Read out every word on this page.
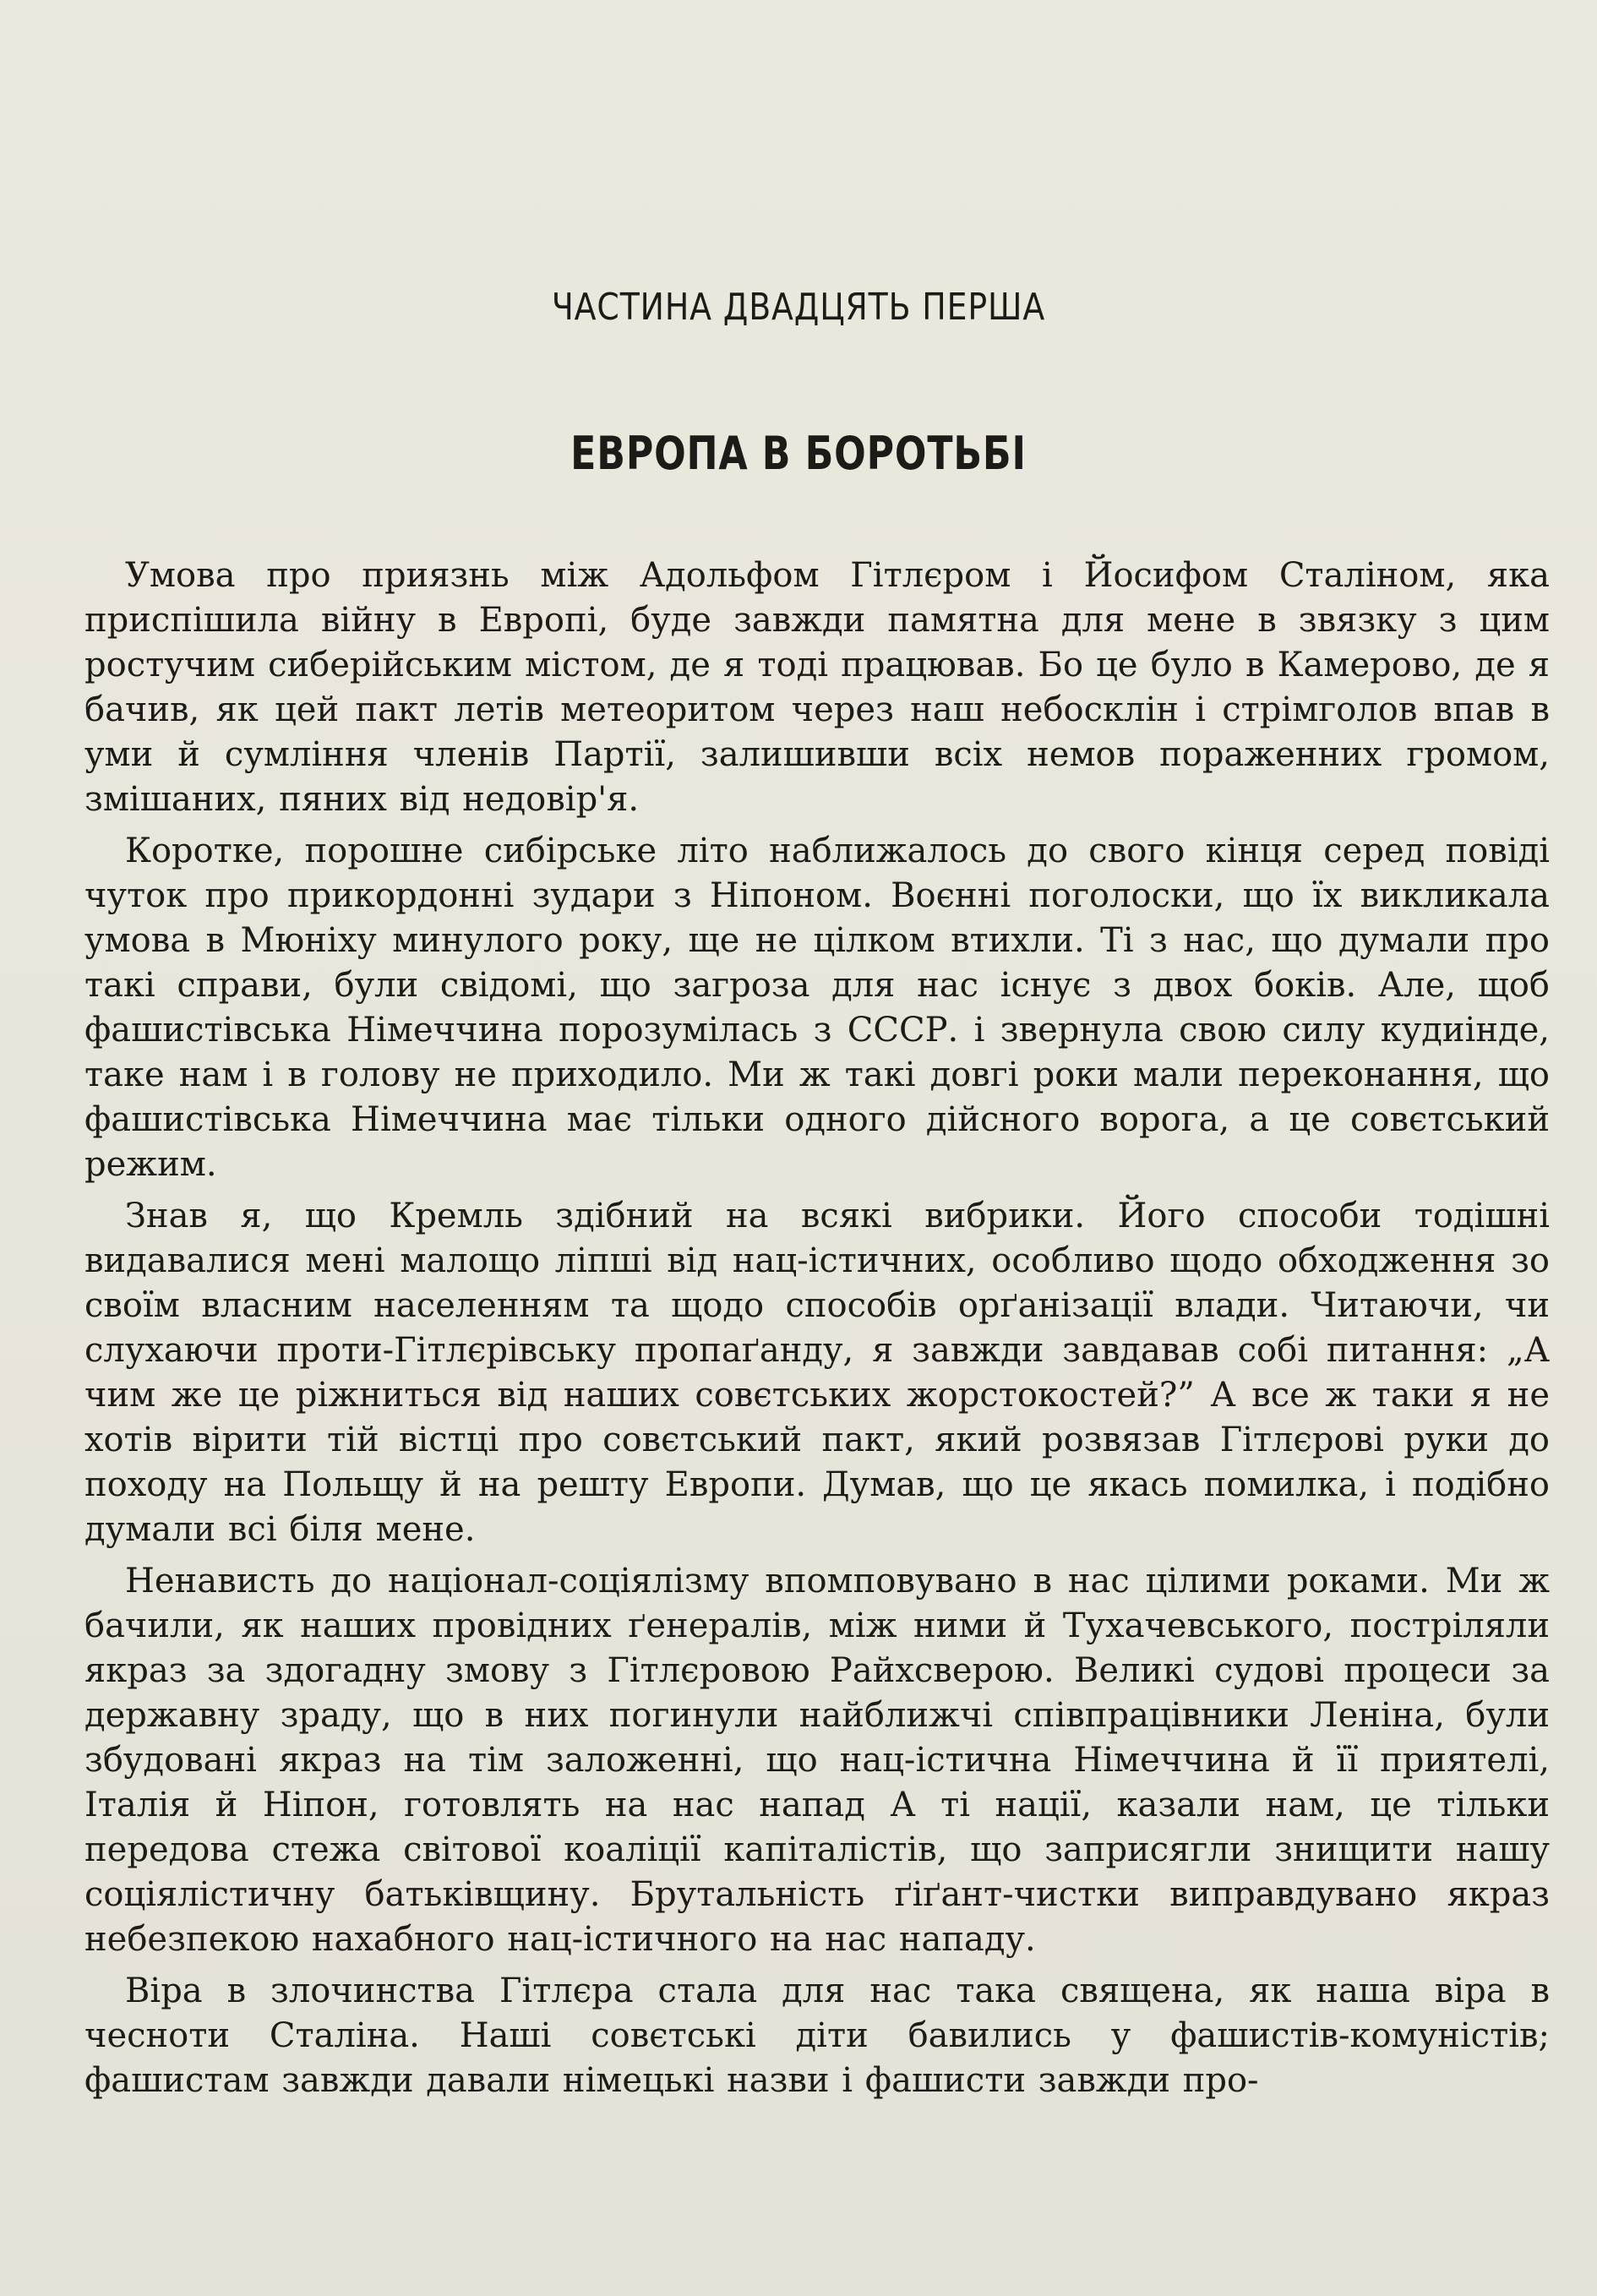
ЧАСТИНА ДВАДЦЯТЬ ПЕРША
ЕВРОПА В БОРОТЬБІ

Умова про приязнь між Адольфом Гітлєром і Йосифом Сталіном, яка приспішила війну в Европі, буде завжди памятна для мене в звязку з цим ростучим сиберійським містом, де я тоді працював. Бо це було в Камерово, де я бачив, як цей пакт летів метеоритом через наш небосклін і стрімголов впав в уми й сумління членів Партії, залишивши всіх немов пораженних громом, змішаних, пяних від недовір'я.

Коротке, порошне сибірське літо наближалось до свого кінця серед повіді чуток про прикордонні зудари з Ніпоном. Воєнні поголоски, що їх викликала умова в Мюніху минулого року, ще не цілком втихли. Ті з нас, що думали про такі справи, були свідомі, що загроза для нас існує з двох боків. Але, щоб фашистівська Німеччина порозумілась з СССР. і звернула свою силу кудиінде, таке нам і в голову не приходило. Ми ж такі довгі роки мали переконання, що фашистівська Німеччина має тільки одного дійсного ворога, а це совєтський режим.

Знав я, що Кремль здібний на всякі вибрики. Його способи тодішні видавалися мені малощо ліпші від нац-істичних, особливо щодо обходження зо своїм власним населенням та щодо способів орґанізації влади. Читаючи, чи слухаючи проти-Гітлєрівську пропаґанду, я завжди завдавав собі питання: „А чим же це ріжниться від наших совєтських жорстокостей?” А все ж таки я не хотів вірити тій вістці про совєтський пакт, який розвязав Гітлєрові руки до походу на Польщу й на решту Европи. Думав, що це якась помилка, і подібно думали всі біля мене.

Ненависть до націонал-соціялізму впомповувано в нас цілими роками. Ми ж бачили, як наших провідних ґенералів, між ними й Тухачевського, постріляли якраз за здогадну змову з Гітлєровою Райхсверою. Великі судові процеси за державну зраду, що в них погинули найближчі співпрацівники Леніна, були збудовані якраз на тім заложенні, що нац-істична Німеччина й її приятелі, Італія й Ніпон, готовлять на нас напад А ті нації, казали нам, це тільки передова стежа світової коаліції капіталістів, що заприсягли знищити нашу соціялістичну батьківщину. Брутальність ґіґант-чистки виправдувано якраз небезпекою нахабного нац-істичного на нас нападу.

Віра в злочинства Гітлєра стала для нас така священа, як наша віра в чесноти Сталіна. Наші совєтські діти бавились у фашистів-комуністів; фашистам завжди давали німецькі назви і фашисти завжди про-
